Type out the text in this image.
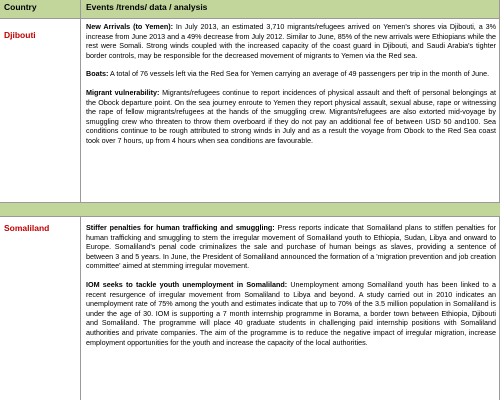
Country	Events /trends/ data / analysis
Djibouti

New Arrivals (to Yemen): In July 2013, an estimated 3,710 migrants/refugees arrived on Yemen's shores via Djibouti, a 3% increase from June 2013 and a 49% decrease from July 2012. Similar to June, 85% of the new arrivals were Ethiopians while the rest were Somali. Strong winds coupled with the increased capacity of the coast guard in Djibouti, and Saudi Arabia's tighter border controls, may be responsible for the decreased movement of migrants to Yemen via the Red sea.

Boats: A total of 76 vessels left via the Red Sea for Yemen carrying an average of 49 passengers per trip in the month of June.

Migrant vulnerability: Migrants/refugees continue to report incidences of physical assault and theft of personal belongings at the Obock departure point. On the sea journey enroute to Yemen they report physical assault, sexual abuse, rape or witnessing the rape of fellow migrants/refugees at the hands of the smuggling crew. Migrants/refugees are also extorted mid-voyage by smuggling crew who threaten to throw them overboard if they do not pay an additional fee of between USD 50 and100. Sea conditions continue to be rough attributed to strong winds in July and as a result the voyage from Obock to the Red Sea coast took over 7 hours, up from 4 hours when sea conditions are favourable.

Somaliland	Stiffer penalties for human trafficking and smuggling: Press reports indicate that Somaliland plans to stiffen penalties for human trafficking and smuggling to stem the irregular movement of Somaliland youth to Ethiopia, Sudan, Libya and onward to Europe. Somaliland's penal code criminalizes the sale and purchase of human beings as slaves, providing a sentence of between 3 and 5 years. In June, the President of Somaliland announced the formation of a 'migration prevention and job creation committee' aimed at stemming irregular movement.

IOM seeks to tackle youth unemployment in Somaliland: Unemployment among Somaliland youth has been linked to a recent resurgence of irregular movement from Somaliland to Libya and beyond. A study carried out in 2010 indicates an unemployment rate of 75% among the youth and estimates indicate that up to 70% of the 3.5 million population in Somaliland is under the age of 30. IOM is supporting a 7 month internship programme in Borama, a border town between Ethiopia, Djibouti and Somaliland. The programme will place 40 graduate students in challenging paid internship positions with Somaliland authorities and private companies. The aim of the programme is to reduce the negative impact of irregular migration, increase employment opportunities for the youth and increase the capacity of the local authorities.
